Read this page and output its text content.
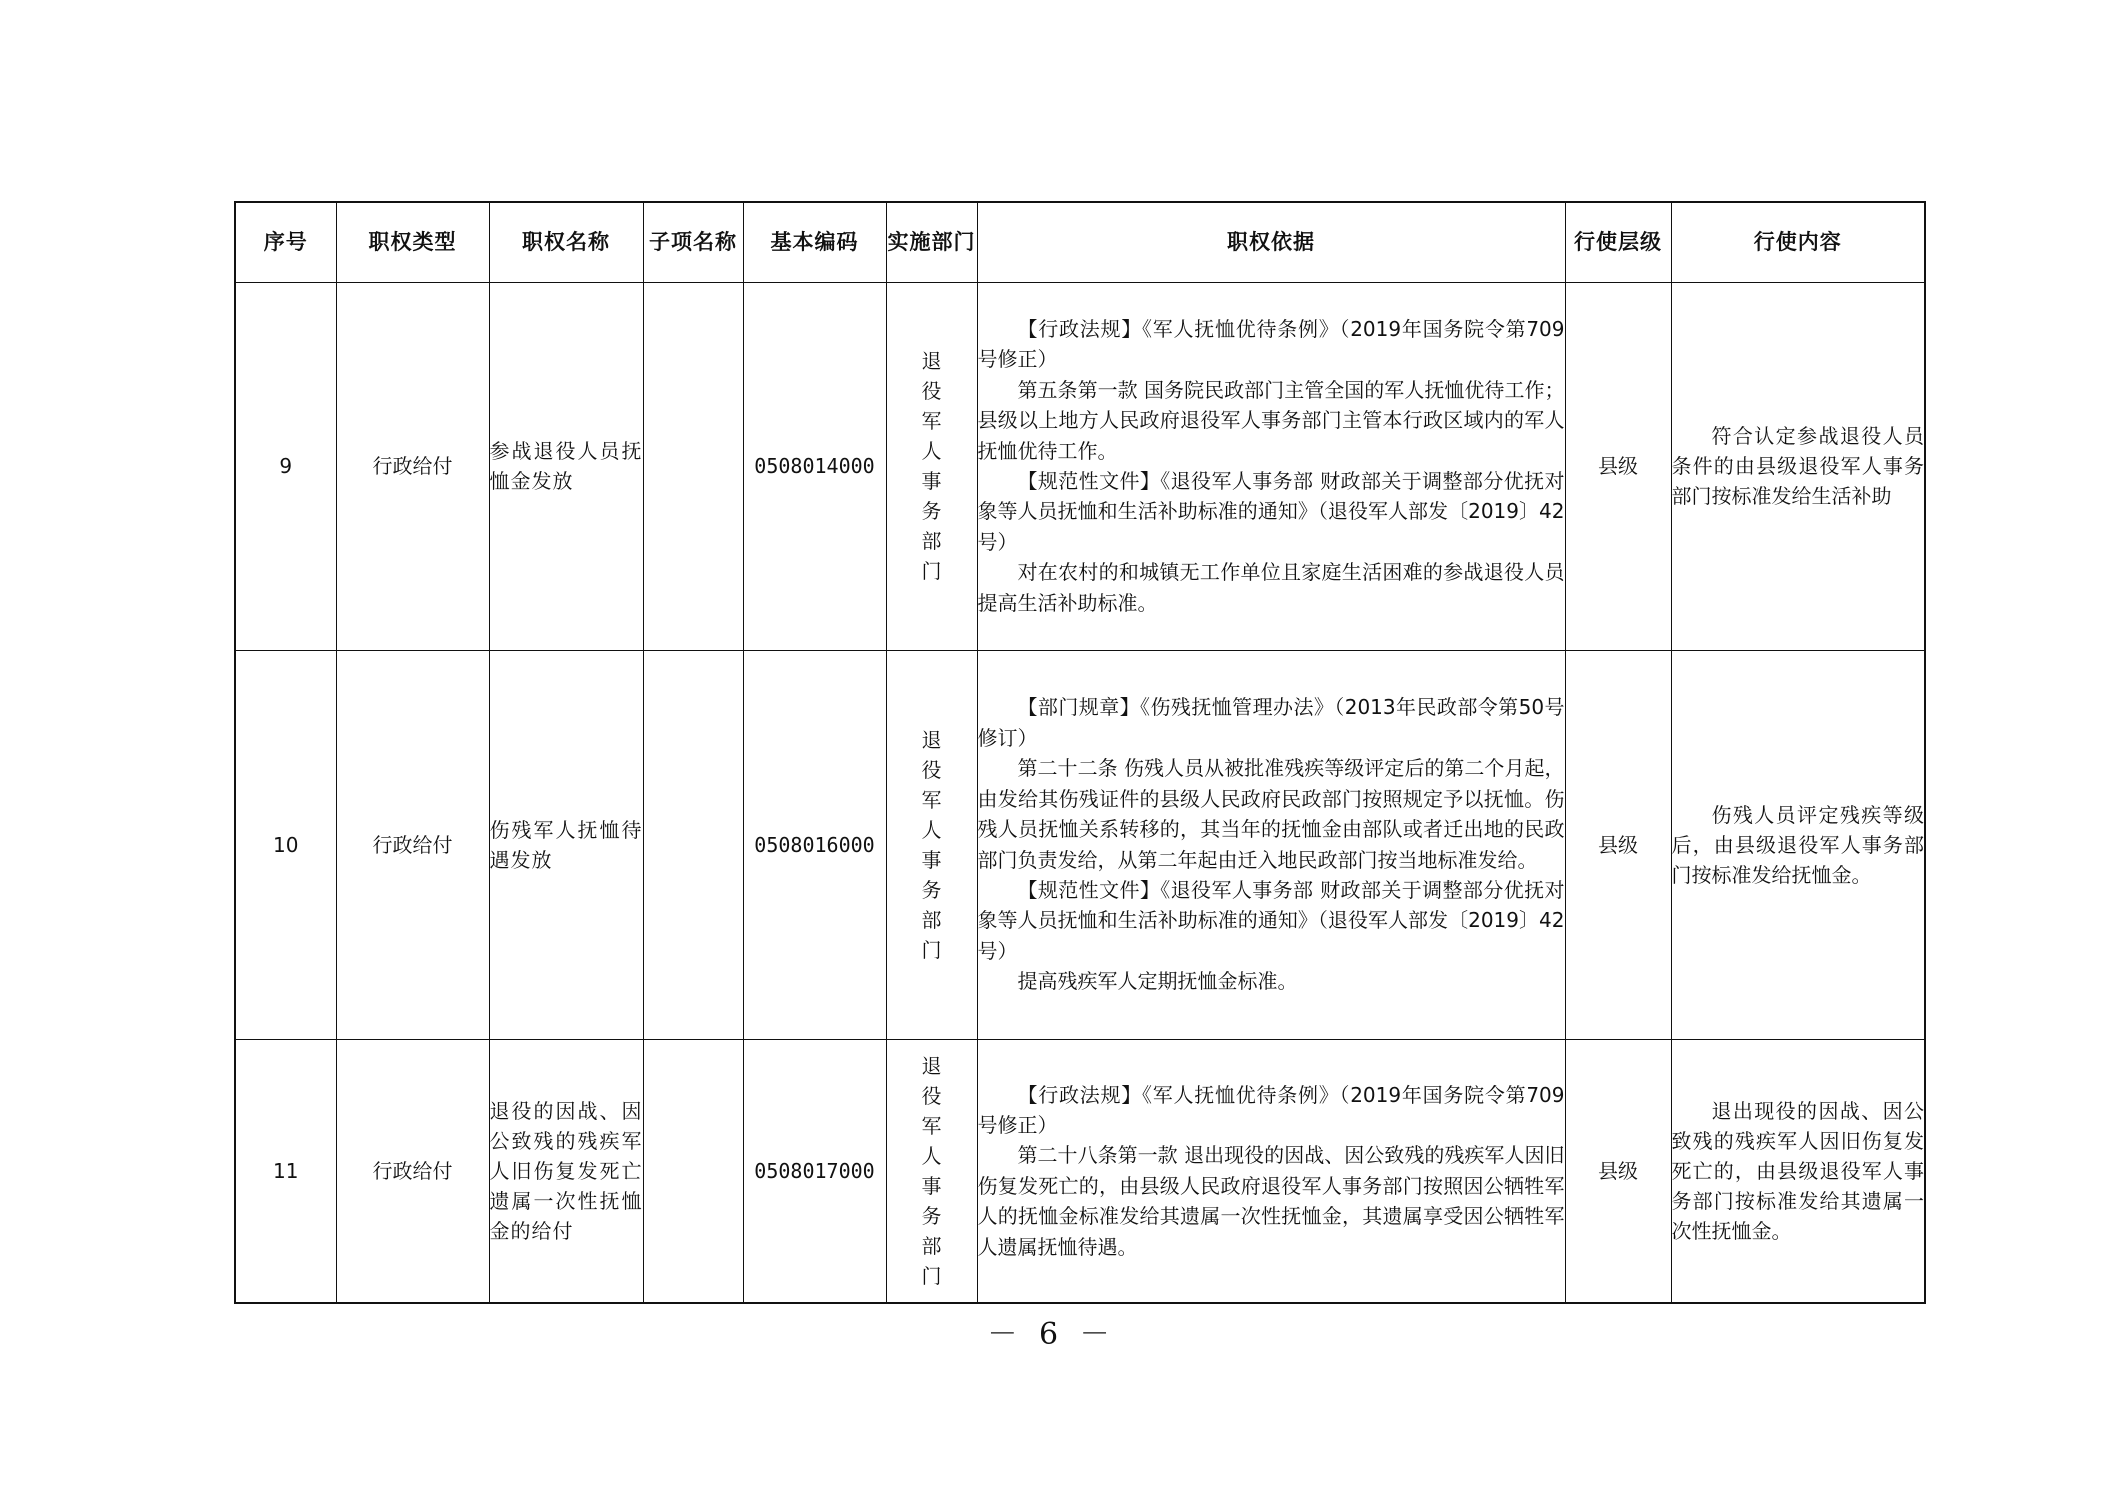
序号	职权类型	职权名称	子项名称	基本编码	实施部门	职权依据	行使层级	行使内容
9	行政给付	参战退役人员抚恤金发放		0508014000	退役军人事务部门	【行政法规】《军人抚恤优待条例》（2019年国务院令第709号修正）

第五条第一款 国务院民政部门主管全国的军人抚恤优待工作；县级以上地方人民政府退役军人事务部门主管本行政区域内的军人抚恤优待工作。

【规范性文件】《退役军人事务部 财政部关于调整部分优抚对象等人员抚恤和生活补助标准的通知》（退役军人部发〔2019〕42号）

对在农村的和城镇无工作单位且家庭生活困难的参战退役人员提高生活补助标准。	县级	符合认定参战退役人员条件的由县级退役军人事务部门按标准发给生活补助

10	行政给付	伤残军人抚恤待遇发放		0508016000	退役军人事务部门	【部门规章】《伤残抚恤管理办法》（2013年民政部令第50号修订）

第二十二条 伤残人员从被批准残疾等级评定后的第二个月起，由发给其伤残证件的县级人民政府民政部门按照规定予以抚恤。伤残人员抚恤关系转移的，其当年的抚恤金由部队或者迁出地的民政部门负责发给，从第二年起由迁入地民政部门按当地标准发给。

【规范性文件】《退役军人事务部 财政部关于调整部分优抚对象等人员抚恤和生活补助标准的通知》（退役军人部发〔2019〕42号）

提高残疾军人定期抚恤金标准。	县级	伤残人员评定残疾等级后，由县级退役军人事务部门按标准发给抚恤金。

11	行政给付	退役的因战、因公致残的残疾军人旧伤复发死亡遗属一次性抚恤金的给付		0508017000	退役军人事务部门	【行政法规】《军人抚恤优待条例》（2019年国务院令第709号修正）

第二十八条第一款 退出现役的因战、因公致残的残疾军人因旧伤复发死亡的，由县级人民政府退役军人事务部门按照因公牺牲军人的抚恤金标准发给其遗属一次性抚恤金，其遗属享受因公牺牲军人遗属抚恤待遇。	县级	退出现役的因战、因公致残的残疾军人因旧伤复发死亡的，由县级退役军人事务部门按标准发给其遗属一次性抚恤金。

－ 6 －
